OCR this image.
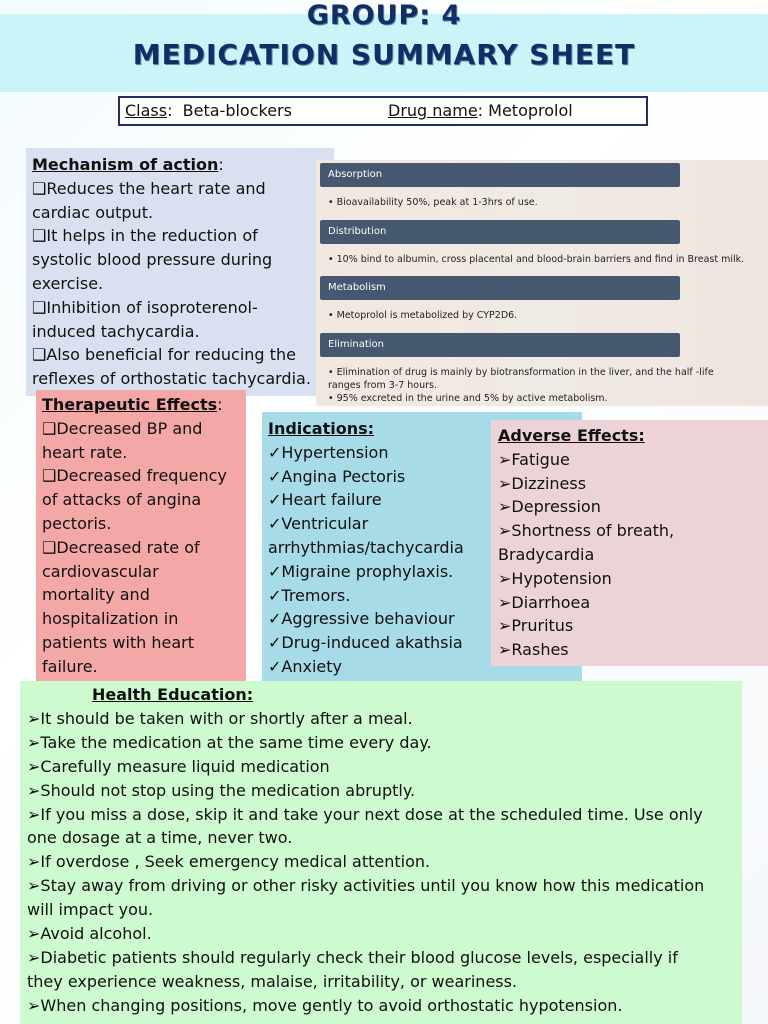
GROUP: 4
MEDICATION SUMMARY SHEET
Class:  Beta-blockers	Drug name: Metoprolol
Mechanism of action:
❑Reduces the heart rate and
cardiac output.
❑It helps in the reduction of
systolic blood pressure during
exercise.
❑Inhibition of isoproterenol-
induced tachycardia.
❑Also beneficial for reducing the
reflexes of orthostatic tachycardia.
Absorption
• Bioavailability 50%, peak at 1-3hrs of use.
Distribution
• 10% bind to albumin, cross placental and blood-brain barriers and find in Breast milk.
Metabolism
• Metoprolol is metabolized by CYP2D6.
Elimination
• Elimination of drug is mainly by biotransformation in the liver, and the half -life
ranges from 3-7 hours.
• 95% excreted in the urine and 5% by active metabolism.
Therapeutic Effects:
❑Decreased BP and
heart rate.
❑Decreased frequency
of attacks of angina
pectoris.
❑Decreased rate of
cardiovascular
mortality and
hospitalization in
patients with heart
failure.
Indications:
✓Hypertension
✓Angina Pectoris
✓Heart failure
✓Ventricular
arrhythmias/tachycardia
✓Migraine prophylaxis.
✓Tremors.
✓Aggressive behaviour
✓Drug-induced akathsia
✓Anxiety
Adverse Effects:
➢Fatigue
➢Dizziness
➢Depression
➢Shortness of breath,
Bradycardia
➢Hypotension
➢Diarrhoea
➢Pruritus
➢Rashes
Health Education:
➢It should be taken with or shortly after a meal.
➢Take the medication at the same time every day.
➢Carefully measure liquid medication
➢Should not stop using the medication abruptly.
➢If you miss a dose, skip it and take your next dose at the scheduled time. Use only
one dosage at a time, never two.
➢If overdose , Seek emergency medical attention.
➢Stay away from driving or other risky activities until you know how this medication
will impact you.
➢Avoid alcohol.
➢Diabetic patients should regularly check their blood glucose levels, especially if
they experience weakness, malaise, irritability, or weariness.
➢When changing positions, move gently to avoid orthostatic hypotension.
